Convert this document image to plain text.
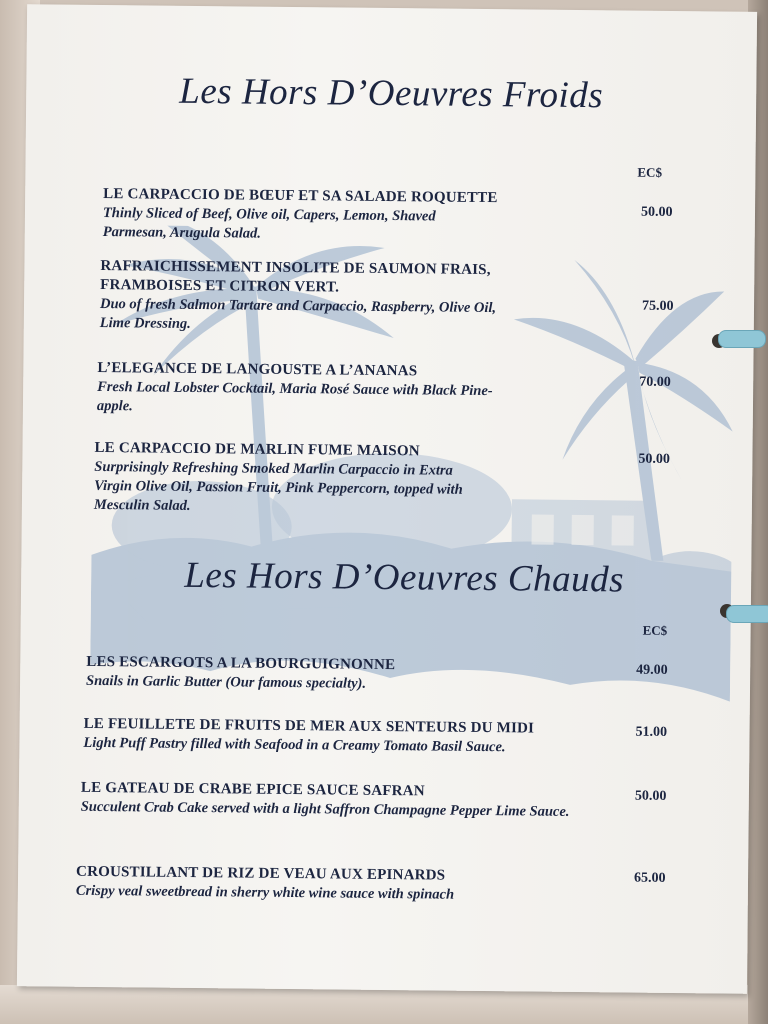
Les Hors D’Oeuvres Froids
EC$
LE CARPACCIO DE BŒUF ET SA SALADE ROQUETTE
Thinly Sliced of Beef, Olive oil, Capers, Lemon, Shaved Parmesan, Arugula Salad.
50.00
RAFRAICHISSEMENT INSOLITE DE SAUMON FRAIS, FRAMBOISES ET CITRON VERT.
Duo of fresh Salmon Tartare and Carpaccio, Raspberry, Olive Oil, Lime Dressing.
75.00
L’ELEGANCE DE LANGOUSTE A L’ANANAS
Fresh Local Lobster Cocktail, Maria Rosé Sauce with Black Pine-apple.
70.00
LE CARPACCIO DE MARLIN FUME MAISON
Surprisingly Refreshing Smoked Marlin Carpaccio in Extra Virgin Olive Oil, Passion Fruit, Pink Peppercorn, topped with Mesculin Salad.
50.00
Les Hors D’Oeuvres Chauds
EC$
LES ESCARGOTS A LA BOURGUIGNONNE
Snails in Garlic Butter (Our famous specialty).
49.00
LE FEUILLETE DE FRUITS DE MER AUX SENTEURS DU MIDI
Light Puff Pastry filled with Seafood in a Creamy Tomato Basil Sauce.
51.00
LE GATEAU DE CRABE EPICE SAUCE SAFRAN
Succulent Crab Cake served with a light Saffron Champagne Pepper Lime Sauce.
50.00
CROUSTILLANT DE RIZ DE VEAU AUX EPINARDS
Crispy veal sweetbread in sherry white wine sauce with spinach
65.00
